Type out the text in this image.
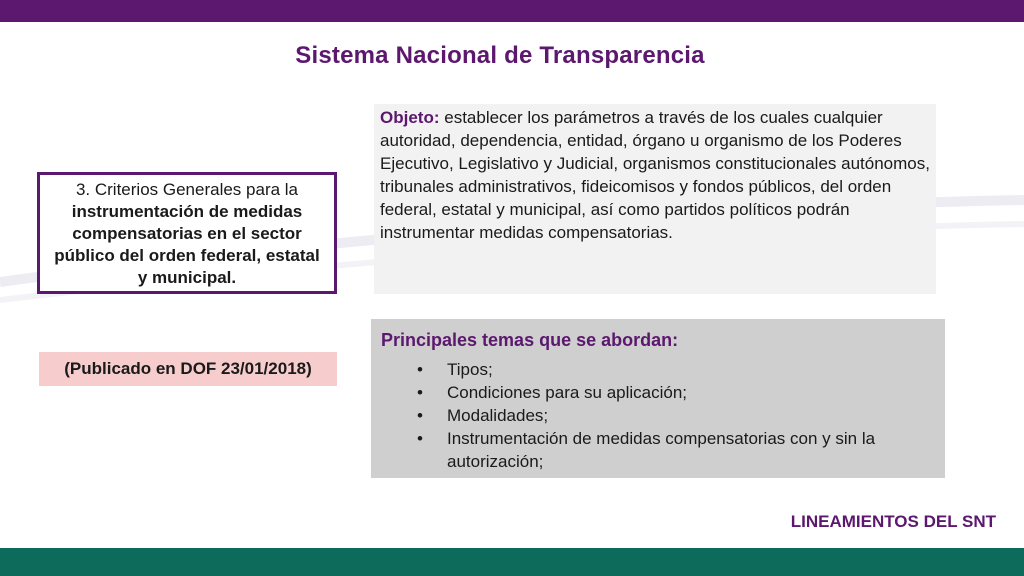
Sistema Nacional de Transparencia
3. Criterios Generales para la instrumentación de medidas compensatorias en el sector público del orden federal, estatal y municipal.
(Publicado en DOF 23/01/2018)
Objeto: establecer los parámetros a través de los cuales cualquier autoridad, dependencia, entidad, órgano u organismo de los Poderes Ejecutivo, Legislativo y Judicial, organismos constitucionales autónomos, tribunales administrativos, fideicomisos y fondos públicos, del orden federal, estatal y municipal, así como partidos políticos podrán instrumentar medidas compensatorias.
Principales temas que se abordan:
• Tipos;
• Condiciones para su aplicación;
• Modalidades;
• Instrumentación de medidas compensatorias con y sin la autorización;
LINEAMIENTOS DEL SNT
